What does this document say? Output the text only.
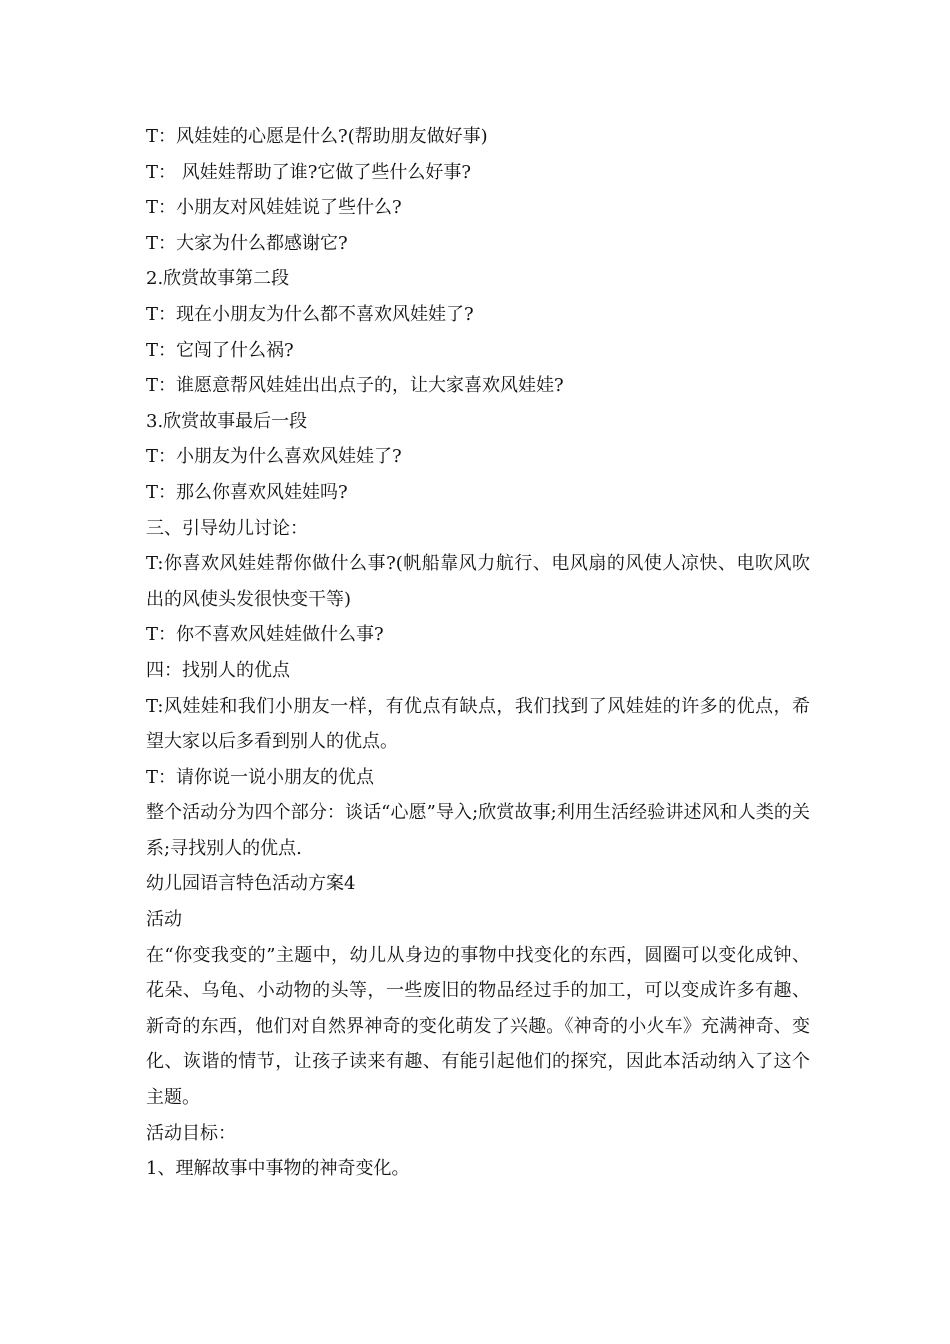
T：风娃娃的心愿是什么?(帮助朋友做好事)

T： 风娃娃帮助了谁?它做了些什么好事?

T：小朋友对风娃娃说了些什么?

T：大家为什么都感谢它?

2.欣赏故事第二段

T：现在小朋友为什么都不喜欢风娃娃了?

T：它闯了什么祸?

T：谁愿意帮风娃娃出出点子的，让大家喜欢风娃娃?

3.欣赏故事最后一段

T：小朋友为什么喜欢风娃娃了?

T：那么你喜欢风娃娃吗?

三、引导幼儿讨论：

T:你喜欢风娃娃帮你做什么事?(帆船靠风力航行、电风扇的风使人凉快、电吹风吹出的风使头发很快变干等)

T：你不喜欢风娃娃做什么事?

四：找别人的优点

T:风娃娃和我们小朋友一样，有优点有缺点，我们找到了风娃娃的许多的优点，希望大家以后多看到别人的优点。

T：请你说一说小朋友的优点

整个活动分为四个部分：谈话“心愿”导入;欣赏故事;利用生活经验讲述风和人类的关系;寻找别人的优点.

幼儿园语言特色活动方案4

活动

在“你变我变的”主题中，幼儿从身边的事物中找变化的东西，圆圈可以变化成钟、花朵、乌龟、小动物的头等，一些废旧的物品经过手的加工，可以变成许多有趣、新奇的东西，他们对自然界神奇的变化萌发了兴趣。《神奇的小火车》充满神奇、变化、诙谐的情节，让孩子读来有趣、有能引起他们的探究，因此本活动纳入了这个主题。

活动目标：

1、理解故事中事物的神奇变化。
